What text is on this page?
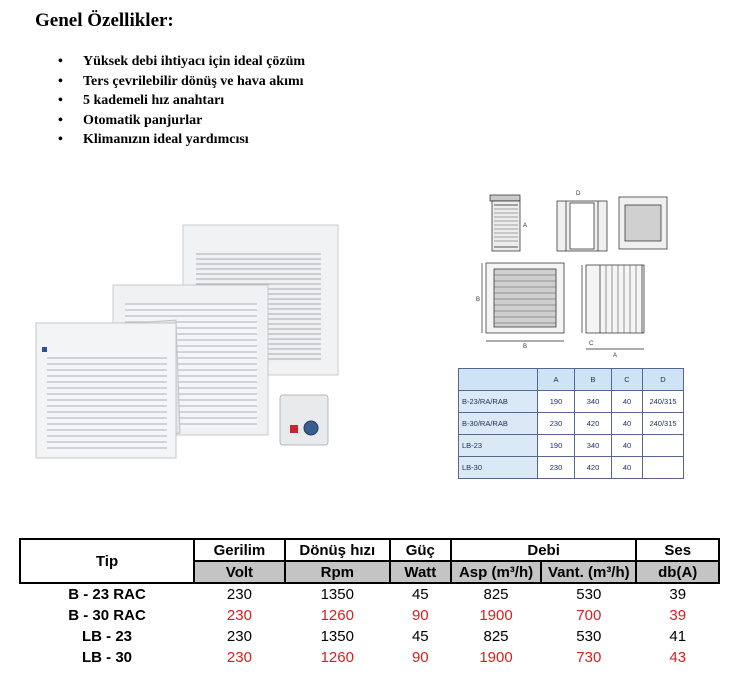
Genel Özellikler:
• Yüksek debi ihtiyacı için ideal çözüm
• Ters çevrilebilir dönüş ve hava akımı
• 5 kademeli hız anahtarı
• Otomatik panjurlar
• Klimanızın ideal yardımcısı
A
D
B
B	C
A
	A	B	C	D
B-23/RA/RAB	190	340	40	240/315
B-30/RA/RAB	230	420	40	240/315
LB-23	190	340	40	
LB-30	230	420	40	
Tip	Gerilim	Dönüş hızı	Güç	Debi		Ses
	Volt	Rpm	Watt	Asp (m³/h)	Vant. (m³/h)	db(A)
B - 23 RAC	230	1350	45	825	530	39
B - 30 RAC	230	1260	90	1900	700	39
LB - 23	230	1350	45	825	530	41
LB - 30	230	1260	90	1900	730	43
